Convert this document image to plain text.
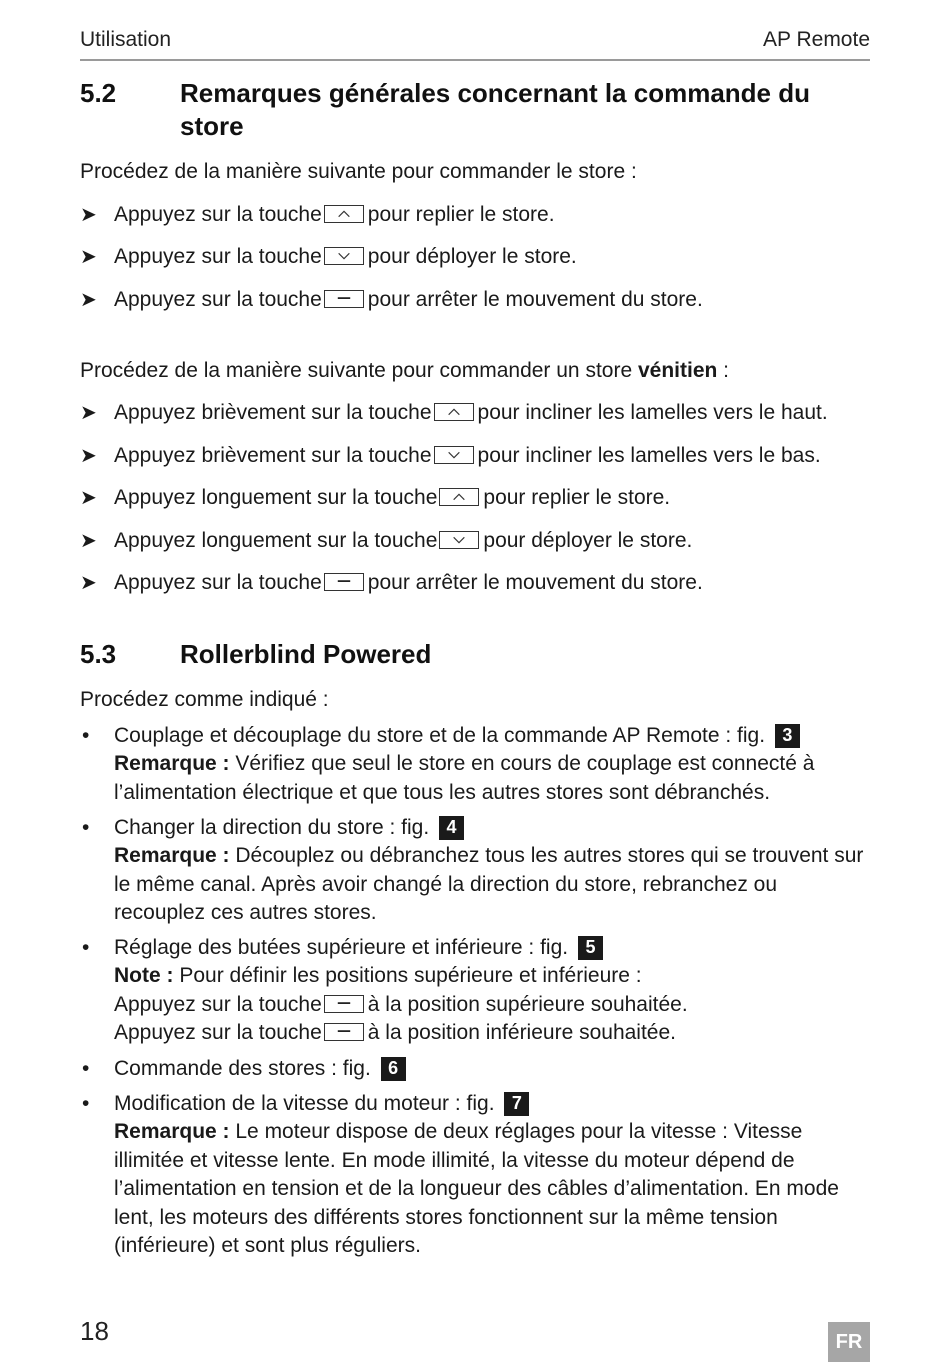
Utilisation	AP Remote
5.2 Remarques générales concernant la commande du store
Procédez de la manière suivante pour commander le store :
➤ Appuyez sur la touche pour replier le store.
➤ Appuyez sur la touche pour déployer le store.
➤ Appuyez sur la touche pour arrêter le mouvement du store.
Procédez de la manière suivante pour commander un store vénitien :
➤ Appuyez brièvement sur la touche pour incliner les lamelles vers le haut.
➤ Appuyez brièvement sur la touche pour incliner les lamelles vers le bas.
➤ Appuyez longuement sur la touche pour replier le store.
➤ Appuyez longuement sur la touche pour déployer le store.
➤ Appuyez sur la touche pour arrêter le mouvement du store.
5.3 Rollerblind Powered
Procédez comme indiqué :
• Couplage et découplage du store et de la commande AP Remote : fig. 3
Remarque : Vérifiez que seul le store en cours de couplage est connecté à l’alimentation électrique et que tous les autres stores sont débranchés.
• Changer la direction du store : fig. 4
Remarque : Découplez ou débranchez tous les autres stores qui se trouvent sur le même canal. Après avoir changé la direction du store, rebranchez ou recouplez ces autres stores.
• Réglage des butées supérieure et inférieure : fig. 5
Note : Pour définir les positions supérieure et inférieure :
Appuyez sur la touche à la position supérieure souhaitée.
Appuyez sur la touche à la position inférieure souhaitée.
• Commande des stores : fig. 6
• Modification de la vitesse du moteur : fig. 7
Remarque : Le moteur dispose de deux réglages pour la vitesse : Vitesse illimitée et vitesse lente. En mode illimité, la vitesse du moteur dépend de l’alimentation en tension et de la longueur des câbles d’alimentation. En mode lent, les moteurs des différents stores fonctionnent sur la même tension (inférieure) et sont plus réguliers.
18	FR
